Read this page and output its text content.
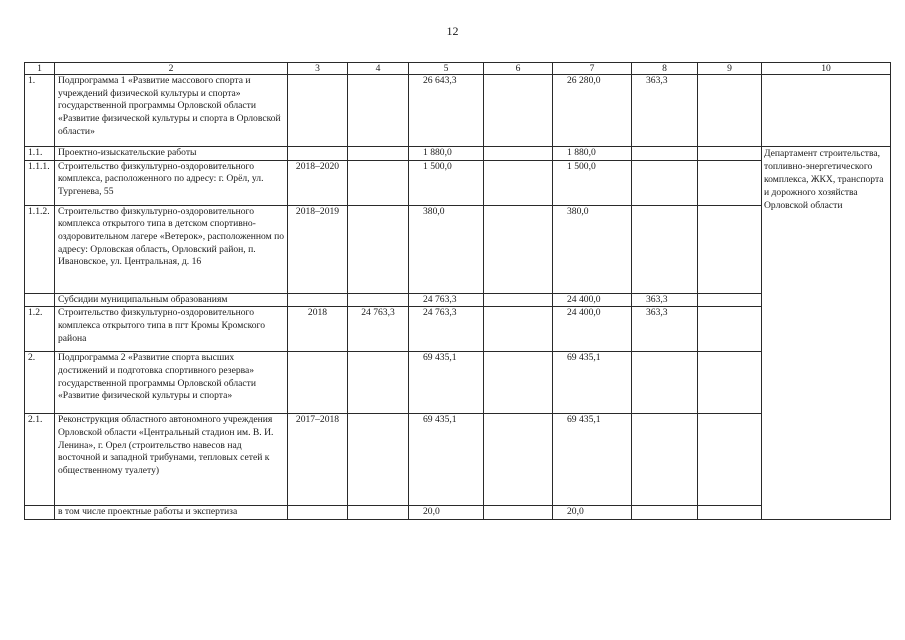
12
1	2	3	4	5	6	7	8	9	10
1.	Подпрограмма 1 «Развитие массового спорта и учреждений физической культуры и спорта» государственной программы Орловской области «Развитие физической культуры и спорта в Орловской области»			26 643,3		26 280,0	363,3		
1.1.	Проектно-изыскательские работы			1 880,0		1 880,0			Департамент строительства, топливно-энергетического комплекса, ЖКХ, транспорта и дорожного хозяйства Орловской области
1.1.1.	Строительство физкультурно-оздоровительного комплекса, расположенного по адресу: г. Орёл, ул. Тургенева, 55	2018–2020		1 500,0		1 500,0			
1.1.2.	Строительство физкультурно-оздоровительного комплекса открытого типа в детском спортивно-оздоровительном лагере «Ветерок», расположенном по адресу: Орловская область, Орловский район, п. Ивановское, ул. Центральная, д. 16	2018–2019		380,0		380,0			
	Субсидии муниципальным образованиям			24 763,3		24 400,0	363,3		
1.2.	Строительство физкультурно-оздоровительного комплекса открытого типа в пгт Кромы Кромского района	2018	24 763,3	24 763,3		24 400,0	363,3		
2.	Подпрограмма 2 «Развитие спорта высших достижений и подготовка спортивного резерва» государственной программы Орловской области «Развитие физической культуры и спорта»			69 435,1		69 435,1			
2.1.	Реконструкция областного автономного учреждения Орловской области «Центральный стадион им. В. И. Ленина», г. Орел (строительство навесов над восточной и западной трибунами, тепловых сетей к общественному туалету)	2017–2018		69 435,1		69 435,1			
	в том числе проектные работы и экспертиза			20,0		20,0			
